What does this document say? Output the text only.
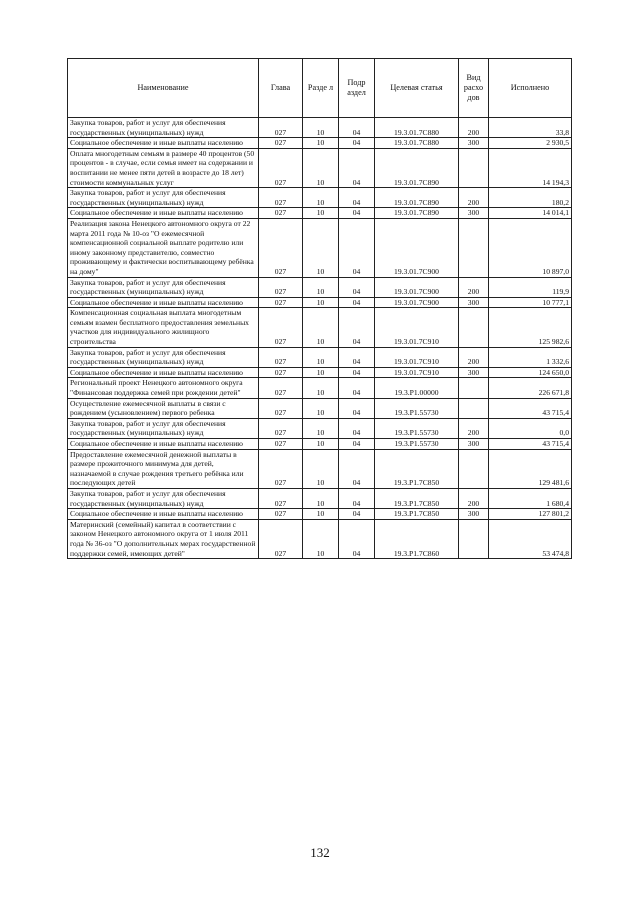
Наименование	Глава	Разде л	Подр аздел	Целевая статья	Вид расхо дов	Исполнено
Закупка товаров, работ и услуг для обеспечения государственных (муниципальных) нужд	027	10	04	19.3.01.7С880	200	33,8
Социальное обеспечение и иные выплаты населению	027	10	04	19.3.01.7С880	300	2 930,5
Оплата многодетным семьям в размере 40 процентов (50 процентов - в случае, если семья имеет на содержании и воспитании не менее пяти детей в возрасте до 18 лет) стоимости коммунальных услуг	027	10	04	19.3.01.7С890		14 194,3
Закупка товаров, работ и услуг для обеспечения государственных (муниципальных) нужд	027	10	04	19.3.01.7С890	200	180,2
Социальное обеспечение и иные выплаты населению	027	10	04	19.3.01.7С890	300	14 014,1
Реализация закона Ненецкого автономного округа от 22 марта 2011 года № 10-оз "О ежемесячной компенсационной социальной выплате родителю или иному законному представителю, совместно проживающему и фактически воспитывающему ребёнка на дому"	027	10	04	19.3.01.7С900		10 897,0
Закупка товаров, работ и услуг для обеспечения государственных (муниципальных) нужд	027	10	04	19.3.01.7С900	200	119,9
Социальное обеспечение и иные выплаты населению	027	10	04	19.3.01.7С900	300	10 777,1
Компенсационная социальная выплата многодетным семьям взамен бесплатного предоставления земельных участков для индивидуального жилищного строительства	027	10	04	19.3.01.7С910		125 982,6
Закупка товаров, работ и услуг для обеспечения государственных (муниципальных) нужд	027	10	04	19.3.01.7С910	200	1 332,6
Социальное обеспечение и иные выплаты населению	027	10	04	19.3.01.7С910	300	124 650,0
Региональный проект Ненецкого автономного округа "Финансовая поддержка семей при рождении детей"	027	10	04	19.3.P1.00000		226 671,8
Осуществление ежемесячной выплаты в связи с рождением (усыновлением) первого ребенка	027	10	04	19.3.P1.55730		43 715,4
Закупка товаров, работ и услуг для обеспечения государственных (муниципальных) нужд	027	10	04	19.3.P1.55730	200	0,0
Социальное обеспечение и иные выплаты населению	027	10	04	19.3.P1.55730	300	43 715,4
Предоставление ежемесячной денежной выплаты в размере прожиточного минимума для детей, назначаемой в случае рождения третьего ребёнка или последующих детей	027	10	04	19.3.P1.7С850		129 481,6
Закупка товаров, работ и услуг для обеспечения государственных (муниципальных) нужд	027	10	04	19.3.P1.7С850	200	1 680,4
Социальное обеспечение и иные выплаты населению	027	10	04	19.3.P1.7С850	300	127 801,2
Материнский (семейный) капитал в соответствии с законом Ненецкого автономного округа от 1 июля 2011 года № 36-оз "О дополнительных мерах государственной поддержки семей, имеющих детей"	027	10	04	19.3.P1.7С860		53 474,8
132
